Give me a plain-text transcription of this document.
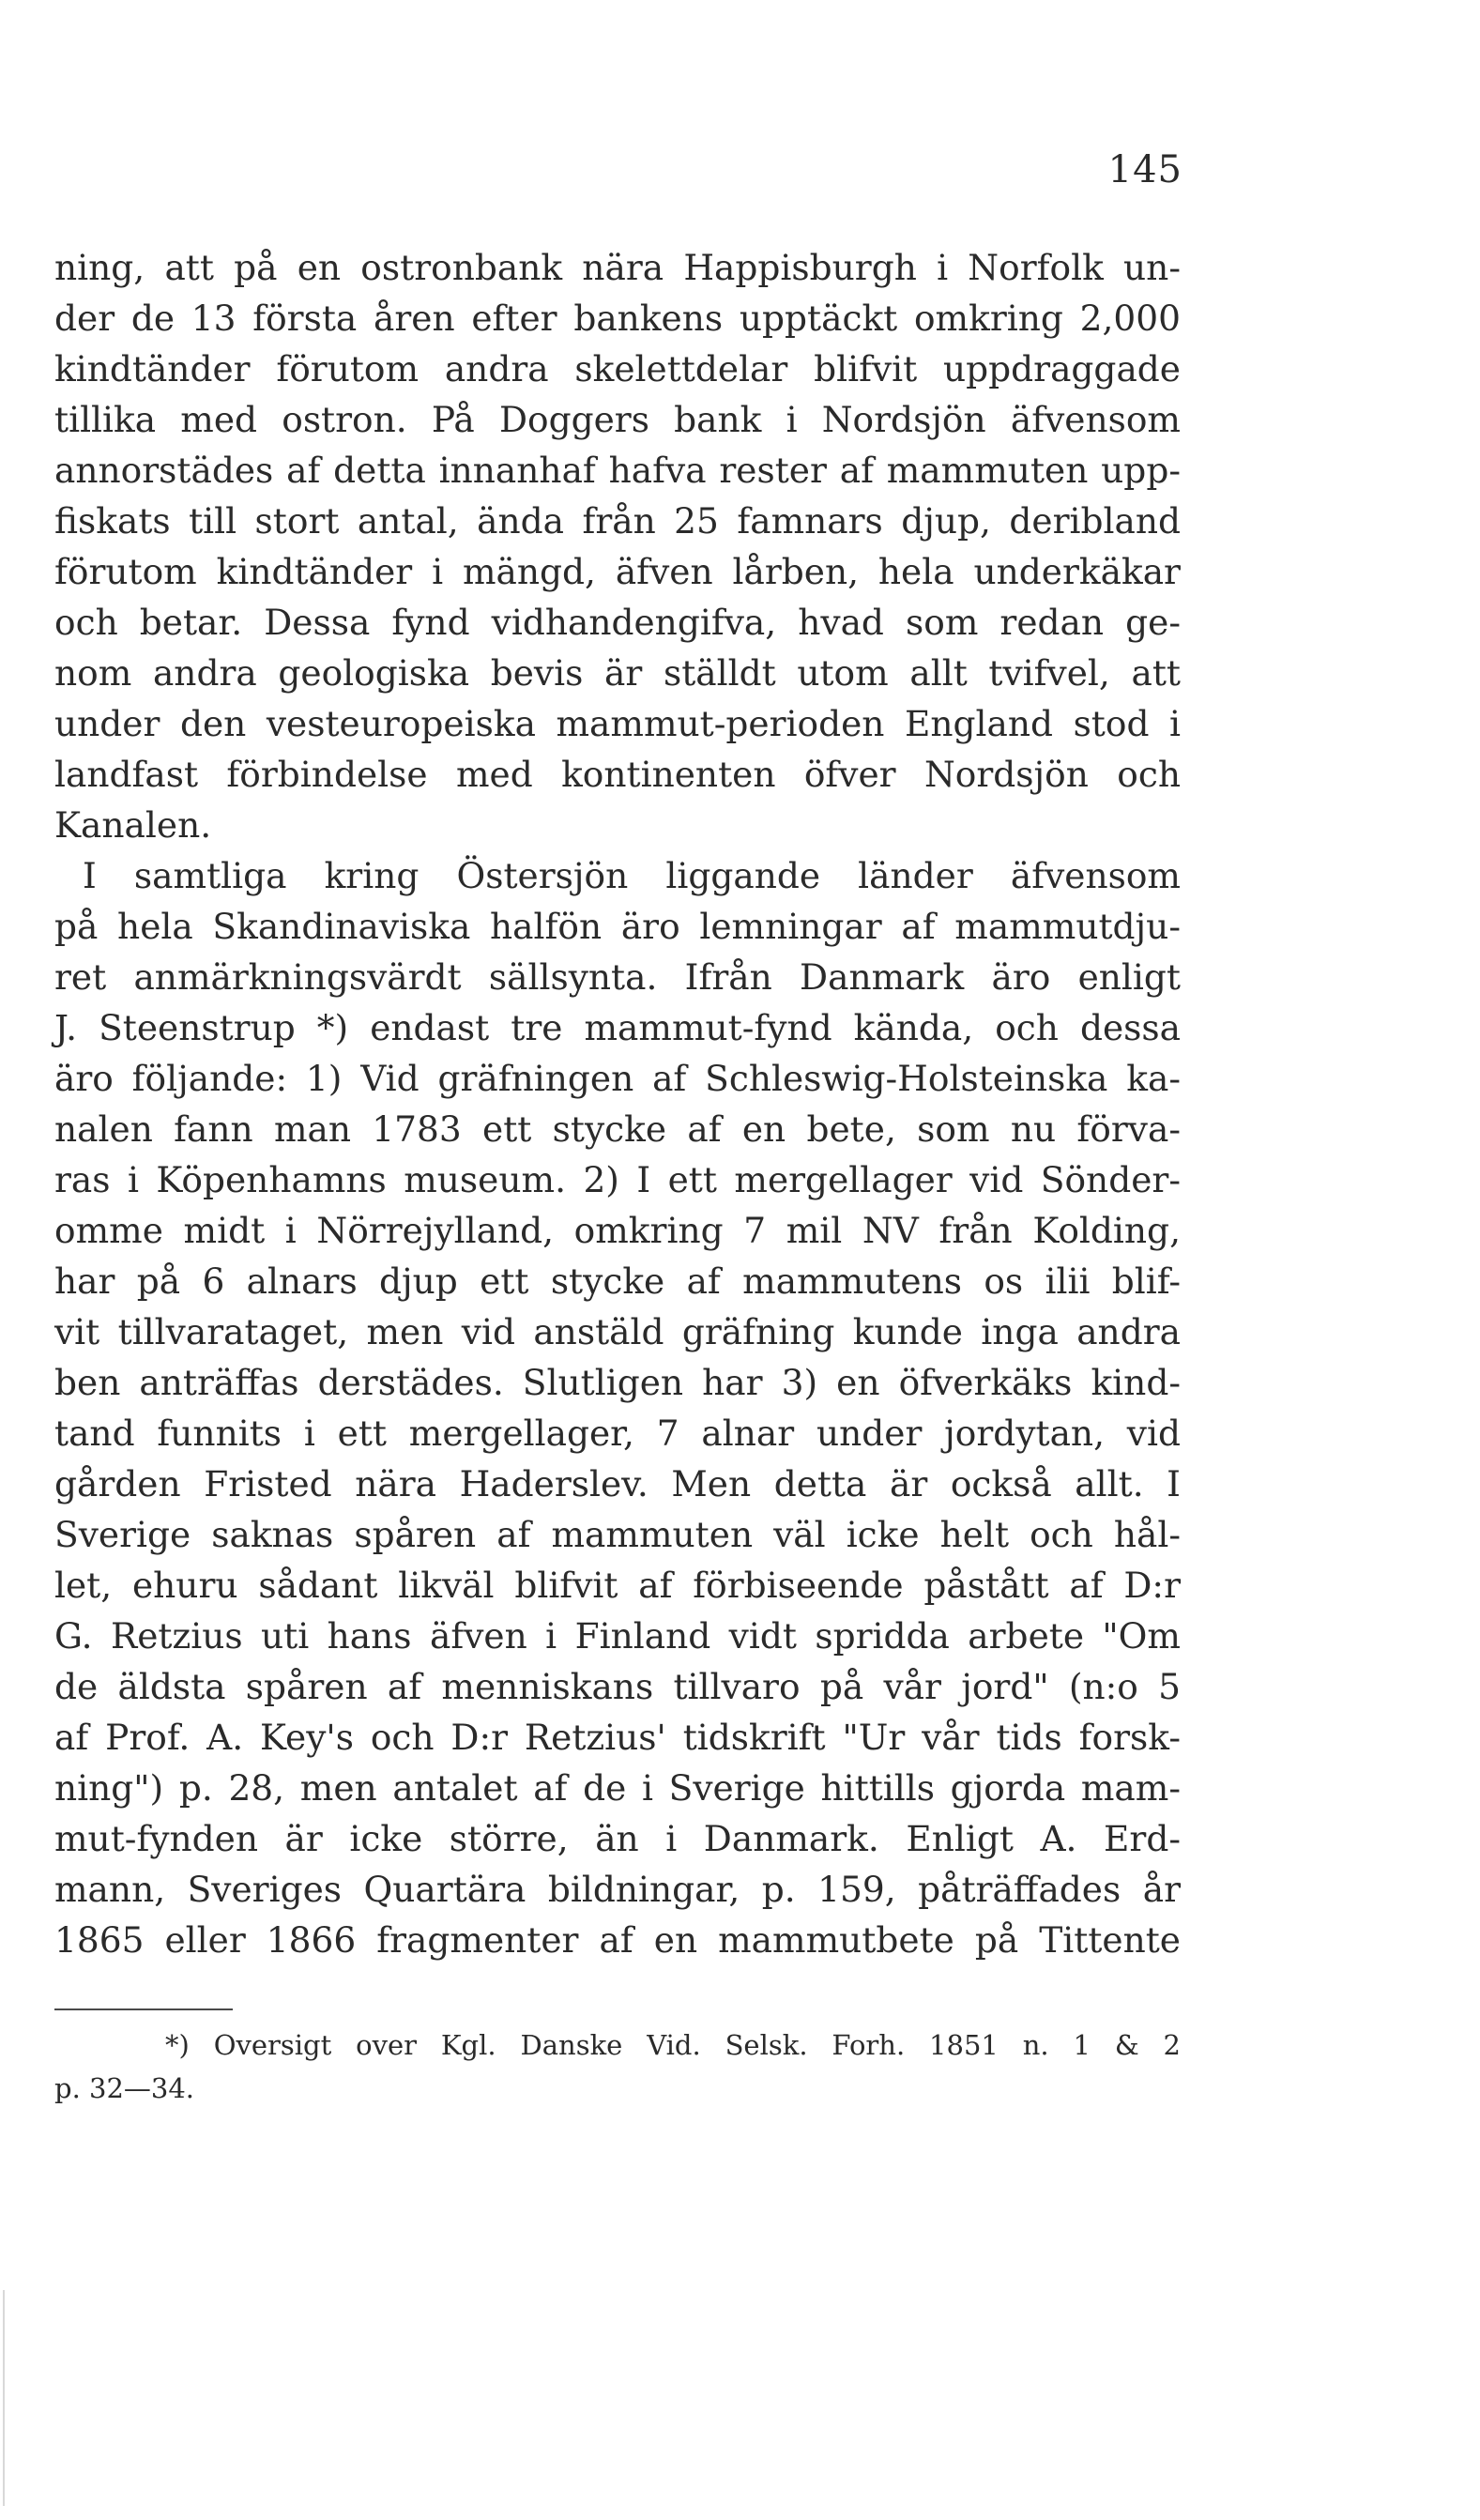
145
ning, att på en ostronbank nära Happisburgh i Norfolk un-
der de 13 första åren efter bankens upptäckt omkring 2,000
kindtänder förutom andra skelettdelar blifvit uppdraggade
tillika med ostron. På Doggers bank i Nordsjön äfvensom
annorstädes af detta innanhaf hafva rester af mammuten upp-
fiskats till stort antal, ända från 25 famnars djup, deribland
förutom kindtänder i mängd, äfven lårben, hela underkäkar
och betar. Dessa fynd vidhandengifva, hvad som redan ge-
nom andra geologiska bevis är ställdt utom allt tvifvel, att
under den vesteuropeiska mammut-perioden England stod i
landfast förbindelse med kontinenten öfver Nordsjön och
Kanalen.
I samtliga kring Östersjön liggande länder äfvensom
på hela Skandinaviska halfön äro lemningar af mammutdju-
ret anmärkningsvärdt sällsynta. Ifrån Danmark äro enligt
J. Steenstrup *) endast tre mammut-fynd kända, och dessa
äro följande: 1) Vid gräfningen af Schleswig-Holsteinska ka-
nalen fann man 1783 ett stycke af en bete, som nu förva-
ras i Köpenhamns museum. 2) I ett mergellager vid Sönder-
omme midt i Nörrejylland, omkring 7 mil NV från Kolding,
har på 6 alnars djup ett stycke af mammutens os ilii blif-
vit tillvarataget, men vid anstäld gräfning kunde inga andra
ben anträffas derstädes. Slutligen har 3) en öfverkäks kind-
tand funnits i ett mergellager, 7 alnar under jordytan, vid
gården Fristed nära Haderslev. Men detta är också allt. I
Sverige saknas spåren af mammuten väl icke helt och hål-
let, ehuru sådant likväl blifvit af förbiseende påstått af D:r
G. Retzius uti hans äfven i Finland vidt spridda arbete "Om
de äldsta spåren af menniskans tillvaro på vår jord" (n:o 5
af Prof. A. Key's och D:r Retzius' tidskrift "Ur vår tids forsk-
ning") p. 28, men antalet af de i Sverige hittills gjorda mam-
mut-fynden är icke större, än i Danmark. Enligt A. Erd-
mann, Sveriges Quartära bildningar, p. 159, påträffades år
1865 eller 1866 fragmenter af en mammutbete på Tittente
*) Oversigt over Kgl. Danske Vid. Selsk. Forh. 1851 n. 1 & 2
p. 32—34.
